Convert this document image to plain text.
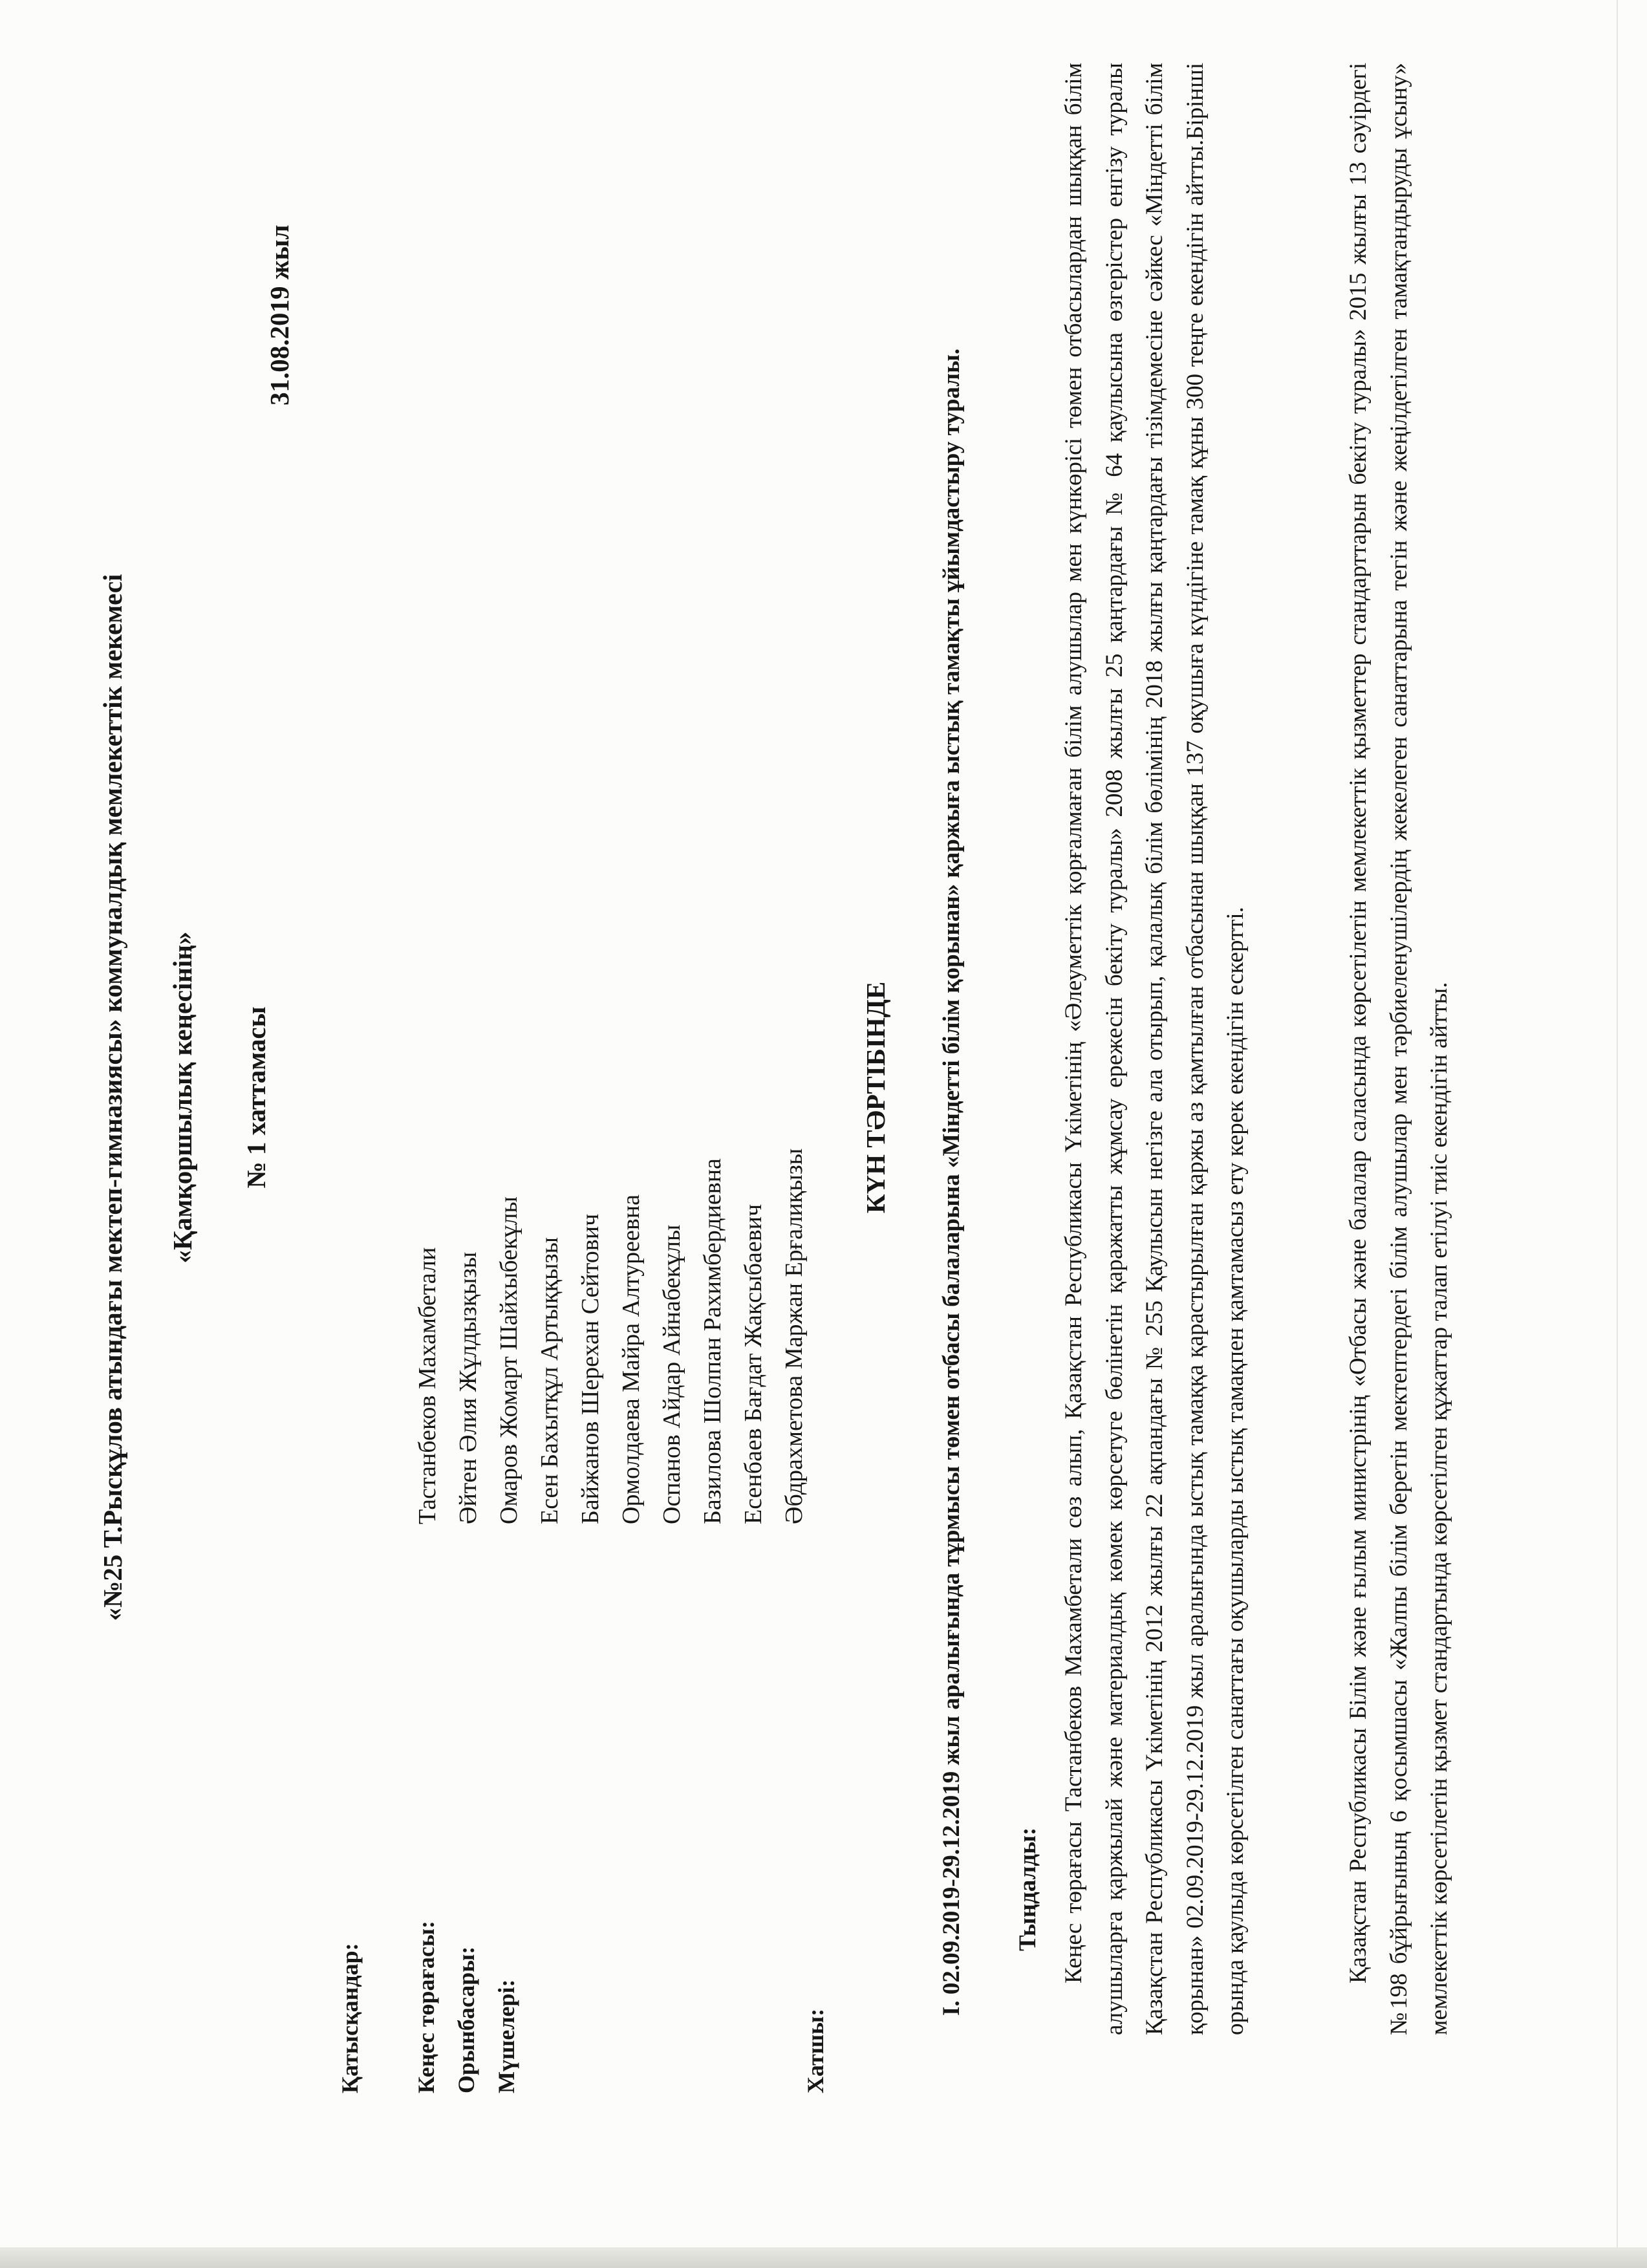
«№25 Т.Рысқұлов атындағы мектеп-гимназиясы» коммуналдық мемлекеттік мекемесі «Қамқоршылық кеңесінің» № 1 хаттамасы
31.08.2019 жыл
Қатысқандар: Кеңес төрағасы: Орынбасары: Мүшелері:	Хатшы:
Тастанбеков Махамбетали Әйтен Әлия Жұлдызқызы Омаров Жомарт Шайхыбекұлы Есен Бахытқұл Артыққызы Байжанов Шерехан Сейтович Ормолдаева Майра Алтуреевна Оспанов Айдар Айнабекұлы Базилова Шолпан Рахимбердиевна Есенбаев Бағдат Жақсыбаевич Әбдрахметова Маржан Ерғалиқызы
КҮН ТӘРТІБІНДЕ I. 02.09.2019-29.12.2019 жыл аралығында тұрмысы төмен отбасы балаларына «Міндетті білім қорынан» қаржыға ыстық тамақты ұйымдастыру туралы. Тыңдалды: Кеңес төрағасы Тастанбеков Махамбетали сөз алып, Қазақстан Республикасы Үкіметінің «Әлеуметтік қорғалмаған білім алушылар мен күнкөрісі төмен отбасылардан шыққан білім алушыларға қаржылай және материалдық көмек көрсетуге бөлінетін қаражатты жұмсау ережесін бекіту туралы» 2008 жылғы 25 қаңтардағы № 64 қаулысына өзгерістер енгізу туралы Қазақстан Республикасы Үкіметінің 2012 жылғы 22 ақпандағы № 255 Қаулысын негізге ала отырып, қалалық білім бөлімінің 2018 жылғы қаңтардағы тізімдемесіне сәйкес «Міндетті білім қорынан» 02.09.2019-29.12.2019 жыл аралығында ыстық тамаққа қарастырылған қаржы аз қамтылған отбасынан шыққан 137 оқушыға күндігіне тамақ құны 300 теңге екендігін айтты.Бірінші орында қаулыда көрсетілген санаттағы оқушыларды ыстық тамақпен қамтамасыз ету керек екендігін ескертті.	Қазақстан Республикасы Білім және ғылым министрінің «Отбасы және балалар саласында көрсетілетін мемлекеттік қызметтер стандарттарын бекіту туралы» 2015 жылғы 13 сәуірдегі №198 бұйрығының 6 қосымшасы «Жалпы білім беретін мектептердегі білім алушылар мен тәрбиеленушілердің жекелеген санаттарына тегін және жеңілдетілген тамақтандыруды ұсыну» мемлекеттік көрсетілетін қызмет стандартында көрсетілген құжаттар талап етілуі тиіс екендігін айтты.
